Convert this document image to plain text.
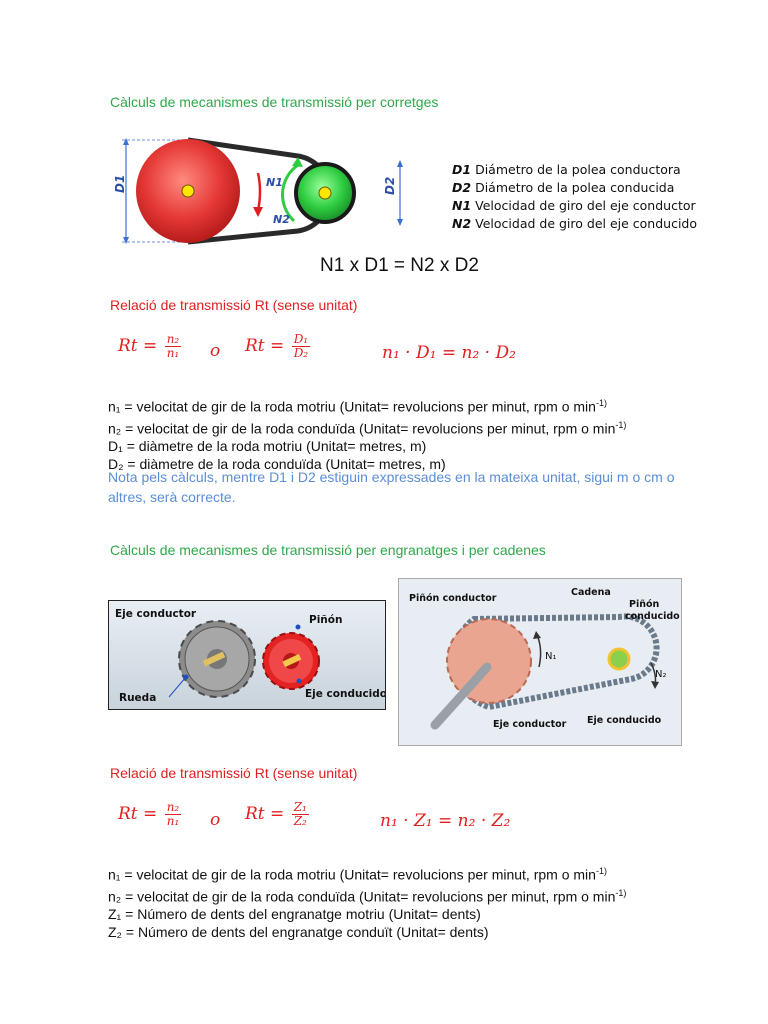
Càlculs de mecanismes de transmissió per corretges
D1	N1
N2
D2
D1 Diámetro de la polea conductora
D2 Diámetro de la polea conducida
N1 Velocidad de giro del eje conductor
N2 Velocidad de giro del eje conducido
N1 x D1 = N2 x D2
Relació de transmissió Rt (sense unitat)
$Rt = \frac{\text{n₂}}{\text{n₁}}$ o $Rt = \frac{\text{D₁}}{\text{D₂}}$	n₁ · D₁ = n₂ · D₂
n₁ = velocitat de gir de la roda motriu (Unitat= revolucions per minut, rpm o $\min^{-1)}$
n₂ = velocitat de gir de la roda conduïda (Unitat= revolucions per minut, rpm o $\min^{-1)}$
D₁ = diàmetre de la roda motriu (Unitat= metres, m)
D₂ = diàmetre de la roda conduïda (Unitat= metres, m)
Nota pels càlculs, mentre D1 i D2 estiguin expressades en la mateixa unitat, sigui m o cm o altres, serà correcte.
Càlculs de mecanismes de transmissió per engranatges i per cadenes
Eje conductor	Piñón
Rueda	Eje conducido
Piñón conductor
Cadena
Piñón
conducido
N₁
N₂
Eje conductor Eje conducido
Relació de transmissió Rt (sense unitat)
$Rt = \frac{\text{n₂}}{\text{n₁}}$ o $Rt = \frac{\text{Z₁}}{\text{Z₂}}$	n₁ · Z₁ = n₂ · Z₂
n₁ = velocitat de gir de la roda motriu (Unitat= revolucions per minut, rpm o $\min^{-1)}$
n₂ = velocitat de gir de la roda conduïda (Unitat= revolucions per minut, rpm o $\min^{-1)}$
Z₁ = Número de dents del engranatge motriu (Unitat= dents)
Z₂ = Número de dents del engranatge conduït (Unitat= dents)
